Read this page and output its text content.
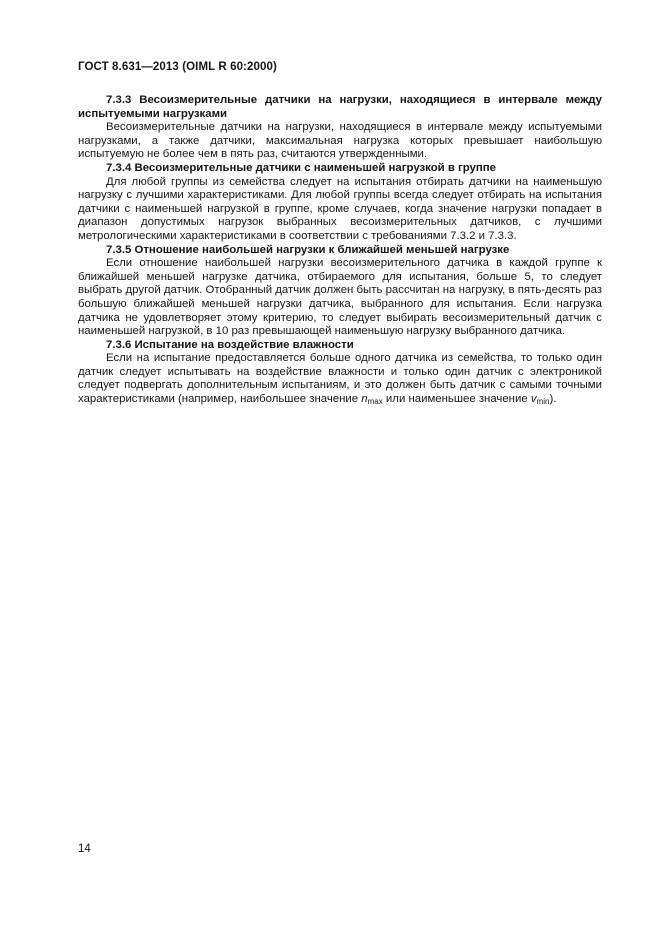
ГОСТ 8.631—2013 (OIML R 60:2000)

7.3.3 Весоизмерительные датчики на нагрузки, находящиеся в интервале между испытуемыми нагрузками

Весоизмерительные датчики на нагрузки, находящиеся в интервале между испытуемыми нагрузками, а также датчики, максимальная нагрузка которых превышает наибольшую испытуемую не более чем в пять раз, считаются утвержденными.

7.3.4 Весоизмерительные датчики с наименьшей нагрузкой в группе

Для любой группы из семейства следует на испытания отбирать датчики на наименьшую нагрузку с лучшими характеристиками. Для любой группы всегда следует отбирать на испытания датчики с наименьшей нагрузкой в группе, кроме случаев, когда значение нагрузки попадает в диапазон допустимых нагрузок выбранных весоизмерительных датчиков, с лучшими метрологическими характеристиками в соответствии с требованиями 7.3.2 и 7.3.3.

7.3.5 Отношение наибольшей нагрузки к ближайшей меньшей нагрузке

Если отношение наибольшей нагрузки весоизмерительного датчика в каждой группе к ближайшей меньшей нагрузке датчика, отбираемого для испытания, больше 5, то следует выбрать другой датчик. Отобранный датчик должен быть рассчитан на нагрузку, в пять-десять раз большую ближайшей меньшей нагрузки датчика, выбранного для испытания. Если нагрузка датчика не удовлетворяет этому критерию, то следует выбирать весоизмерительный датчик с наименьшей нагрузкой, в 10 раз превышающей наименьшую нагрузку выбранного датчика.

7.3.6 Испытание на воздействие влажности

Если на испытание предоставляется больше одного датчика из семейства, то только один датчик следует испытывать на воздействие влажности и только один датчик с электроникой следует подвергать дополнительным испытаниям, и это должен быть датчик с самыми точными характеристиками (например, наибольшее значение $n_{max}$ или наименьшее значение $v_{min}$).

14
